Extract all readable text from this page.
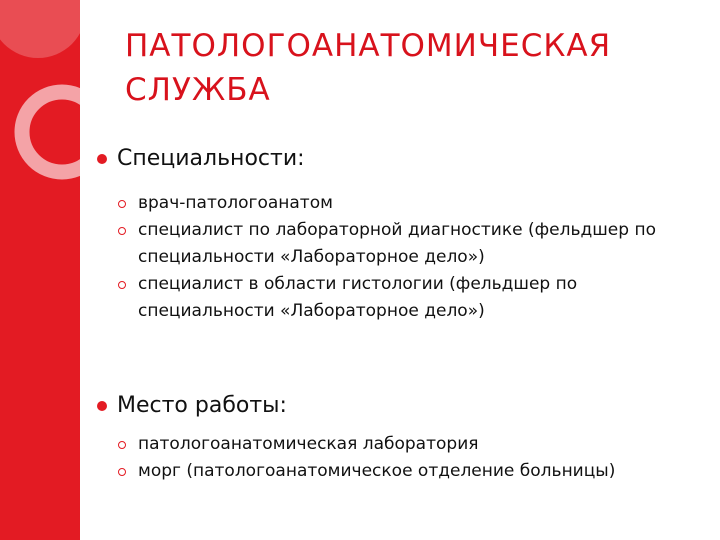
ПАТОЛОГОАНАТОМИЧЕСКАЯ
СЛУЖБА
Специальности:
врач-патологоанатом
специалист по лабораторной диагностике (фельдшер по специальности «Лабораторное дело»)
специалист в области гистологии (фельдшер по специальности «Лабораторное дело»)
Место работы:
патологоанатомическая лаборатория
морг (патологоанатомическое отделение больницы)
